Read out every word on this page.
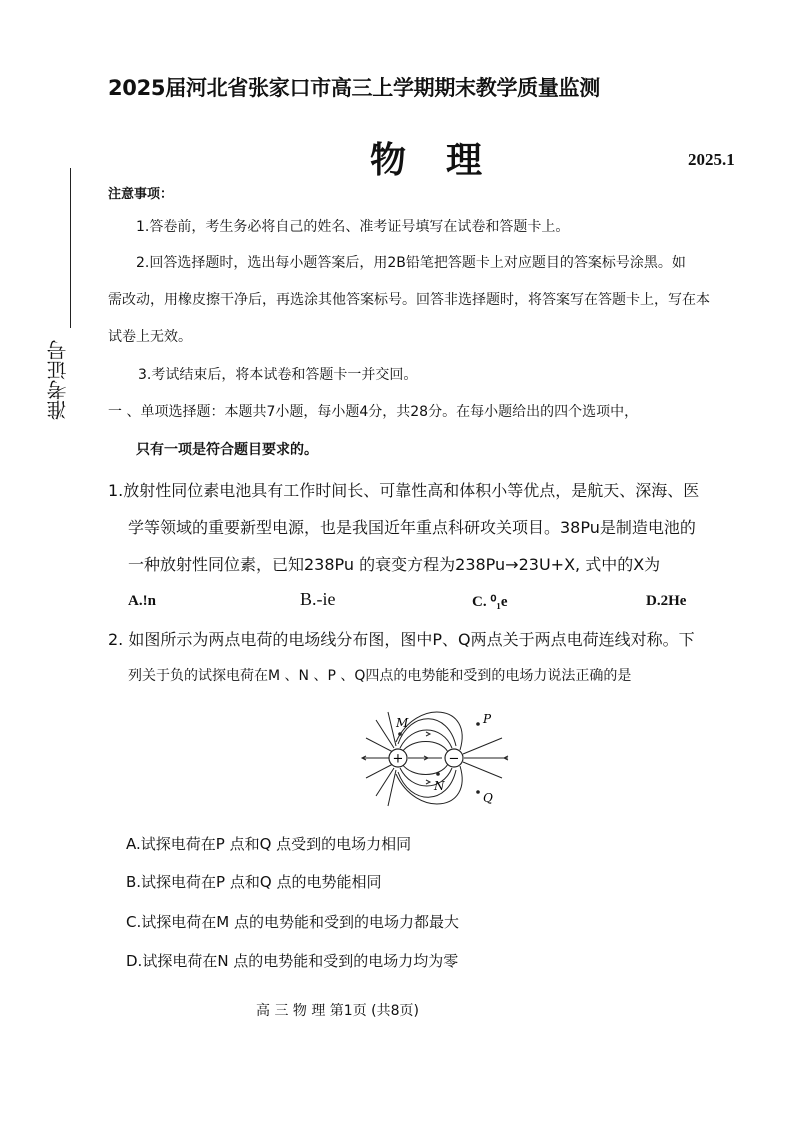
2025届河北省张家口市高三上学期期末教学质量监测
物理	2025.1
准考证号
注意事项：
1.答卷前，考生务必将自己的姓名、准考证号填写在试卷和答题卡上。
2.回答选择题时，选出每小题答案后，用2B铅笔把答题卡上对应题目的答案标号涂黑。如
需改动，用橡皮擦干净后，再选涂其他答案标号。回答非选择题时，将答案写在答题卡上，写在本
试卷上无效。
3.考试结束后，将本试卷和答题卡一并交回。
一 、单项选择题：本题共7小题，每小题4分，共28分。在每小题给出的四个选项中，
只有一项是符合题目要求的。
1.放射性同位素电池具有工作时间长、可靠性高和体积小等优点，是航天、深海、医
学等领域的重要新型电源，也是我国近年重点科研攻关项目。38Pu是制造电池的
一种放射性同位素，已知238Pu 的衰变方程为238Pu→23U+X, 式中的X为
A.!n	B.-ie	C. ⁰₁e	D.2He
2. 如图所示为两点电荷的电场线分布图，图中P、Q两点关于两点电荷连线对称。下
列关于负的试探电荷在M 、N 、P 、Q四点的电势能和受到的电场力说法正确的是
+	−
M
N
P
Q
A.试探电荷在P 点和Q 点受到的电场力相同
B.试探电荷在P 点和Q 点的电势能相同
C.试探电荷在M 点的电势能和受到的电场力都最大
D.试探电荷在N 点的电势能和受到的电场力均为零
高 三 物 理 第1页 (共8页)
